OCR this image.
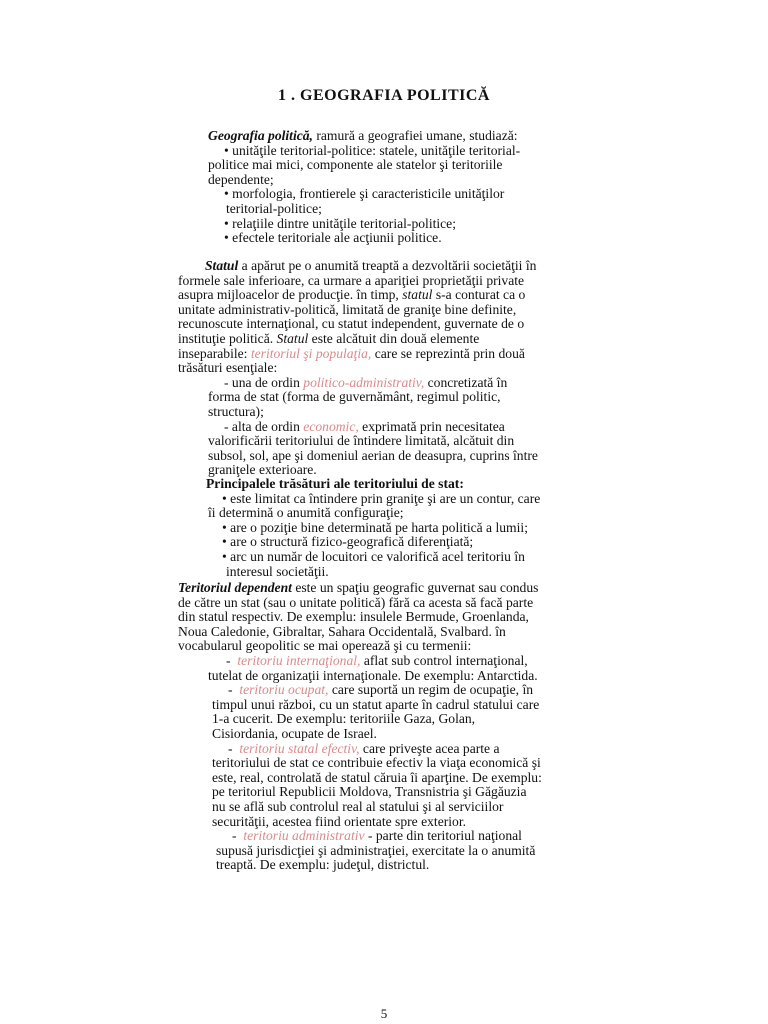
1 . GEOGRAFIA POLITICĂ

Geografia politică, ramură a geografiei umane, studiază:

• unităţile teritorial-politice: statele, unităţile teritorial-

politice mai mici, componente ale statelor şi teritoriile

dependente;

• morfologia, frontierele şi caracteristicile unităţilor

teritorial-politice;

• relaţiile dintre unităţile teritorial-politice;

• efectele teritoriale ale acţiunii politice.

Statul a apărut pe o anumită treaptă a dezvoltării societăţii în

formele sale inferioare, ca urmare a apariţiei proprietăţii private

asupra mijloacelor de producţie. în timp, statul s-a conturat ca o

unitate administrativ-politică, limitată de graniţe bine definite,

recunoscute internaţional, cu statut independent, guvernate de o

instituţie politică. Statul este alcătuit din două elemente

inseparabile: teritoriul şi populaţia, care se reprezintă prin două

trăsături esenţiale:

- una de ordin politico-administrativ, concretizată în

forma de stat (forma de guvernământ, regimul politic,

structura);

- alta de ordin economic, exprimată prin necesitatea

valorificării teritoriului de întindere limitată, alcătuit din

subsol, sol, ape şi domeniul aerian de deasupra, cuprins între

graniţele exterioare.

Principalele trăsături ale teritoriului de stat:

• este limitat ca întindere prin graniţe şi are un contur, care

îi determină o anumită configuraţie;

• are o poziţie bine determinată pe harta politică a lumii;

• are o structură fizico-geografică diferenţiată;

• arc un număr de locuitori ce valorifică acel teritoriu în

interesul societăţii.

Teritoriul dependent este un spaţiu geografic guvernat sau condus

de către un stat (sau o unitate politică) fără ca acesta să facă parte

din statul respectiv. De exemplu: insulele Bermude, Groenlanda,

Noua Caledonie, Gibraltar, Sahara Occidentală, Svalbard. în

vocabularul geopolitic se mai operează şi cu termenii:

-  teritoriu internaţional, aflat sub control internaţional,

tutelat de organizaţii internaţionale. De exemplu: Antarctida.

-  teritoriu ocupat, care suportă un regim de ocupaţie, în

timpul unui război, cu un statut aparte în cadrul statului care

1-a cucerit. De exemplu: teritoriile Gaza, Golan,

Cisiordania, ocupate de Israel.

-  teritoriu statal efectiv, care priveşte acea parte a

teritoriului de stat ce contribuie efectiv la viaţa economică şi

este, real, controlată de statul căruia îi aparţine. De exemplu:

pe teritoriul Republicii Moldova, Transnistria şi Găgăuzia

nu se află sub controlul real al statului şi al serviciilor

securităţii, acestea fiind orientate spre exterior.

-  teritoriu administrativ - parte din teritoriul naţional

supusă jurisdicţiei şi administraţiei, exercitate la o anumită

treaptă. De exemplu: judeţul, districtul.

5
